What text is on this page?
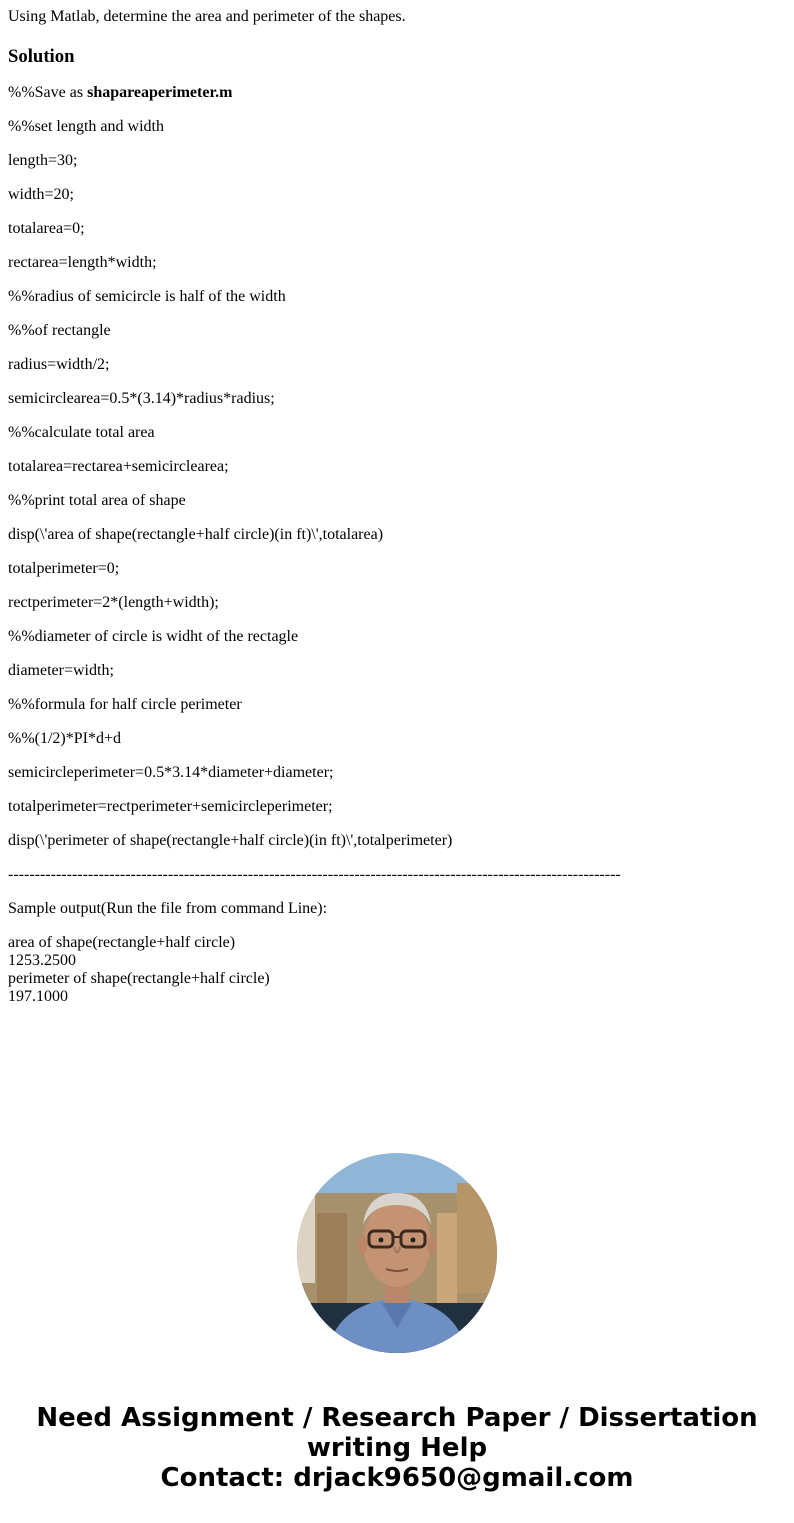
Using Matlab, determine the area and perimeter of the shapes.

Solution

%%Save as shapareaperimeter.m

%%set length and width

length=30;

width=20;

totalarea=0;

rectarea=length*width;

%%radius of semicircle is half of the width

%%of rectangle

radius=width/2;

semicirclearea=0.5*(3.14)*radius*radius;

%%calculate total area

totalarea=rectarea+semicirclearea;

%%print total area of shape

disp(\'area of shape(rectangle+half circle)(in ft)\',totalarea)

totalperimeter=0;

rectperimeter=2*(length+width);

%%diameter of circle is widht of the rectagle

diameter=width;

%%formula for half circle perimeter

%%(1/2)*PI*d+d

semicircleperimeter=0.5*3.14*diameter+diameter;

totalperimeter=rectperimeter+semicircleperimeter;

disp(\'perimeter of shape(rectangle+half circle)(in ft)\',totalperimeter)

-------------------------------------------------------------------------------------------------------------------

Sample output(Run the file from command Line):

area of shape(rectangle+half circle)

1253.2500

perimeter of shape(rectangle+half circle)

197.1000

Need Assignment / Research Paper / Dissertation
writing Help
Contact: drjack9650@gmail.com
